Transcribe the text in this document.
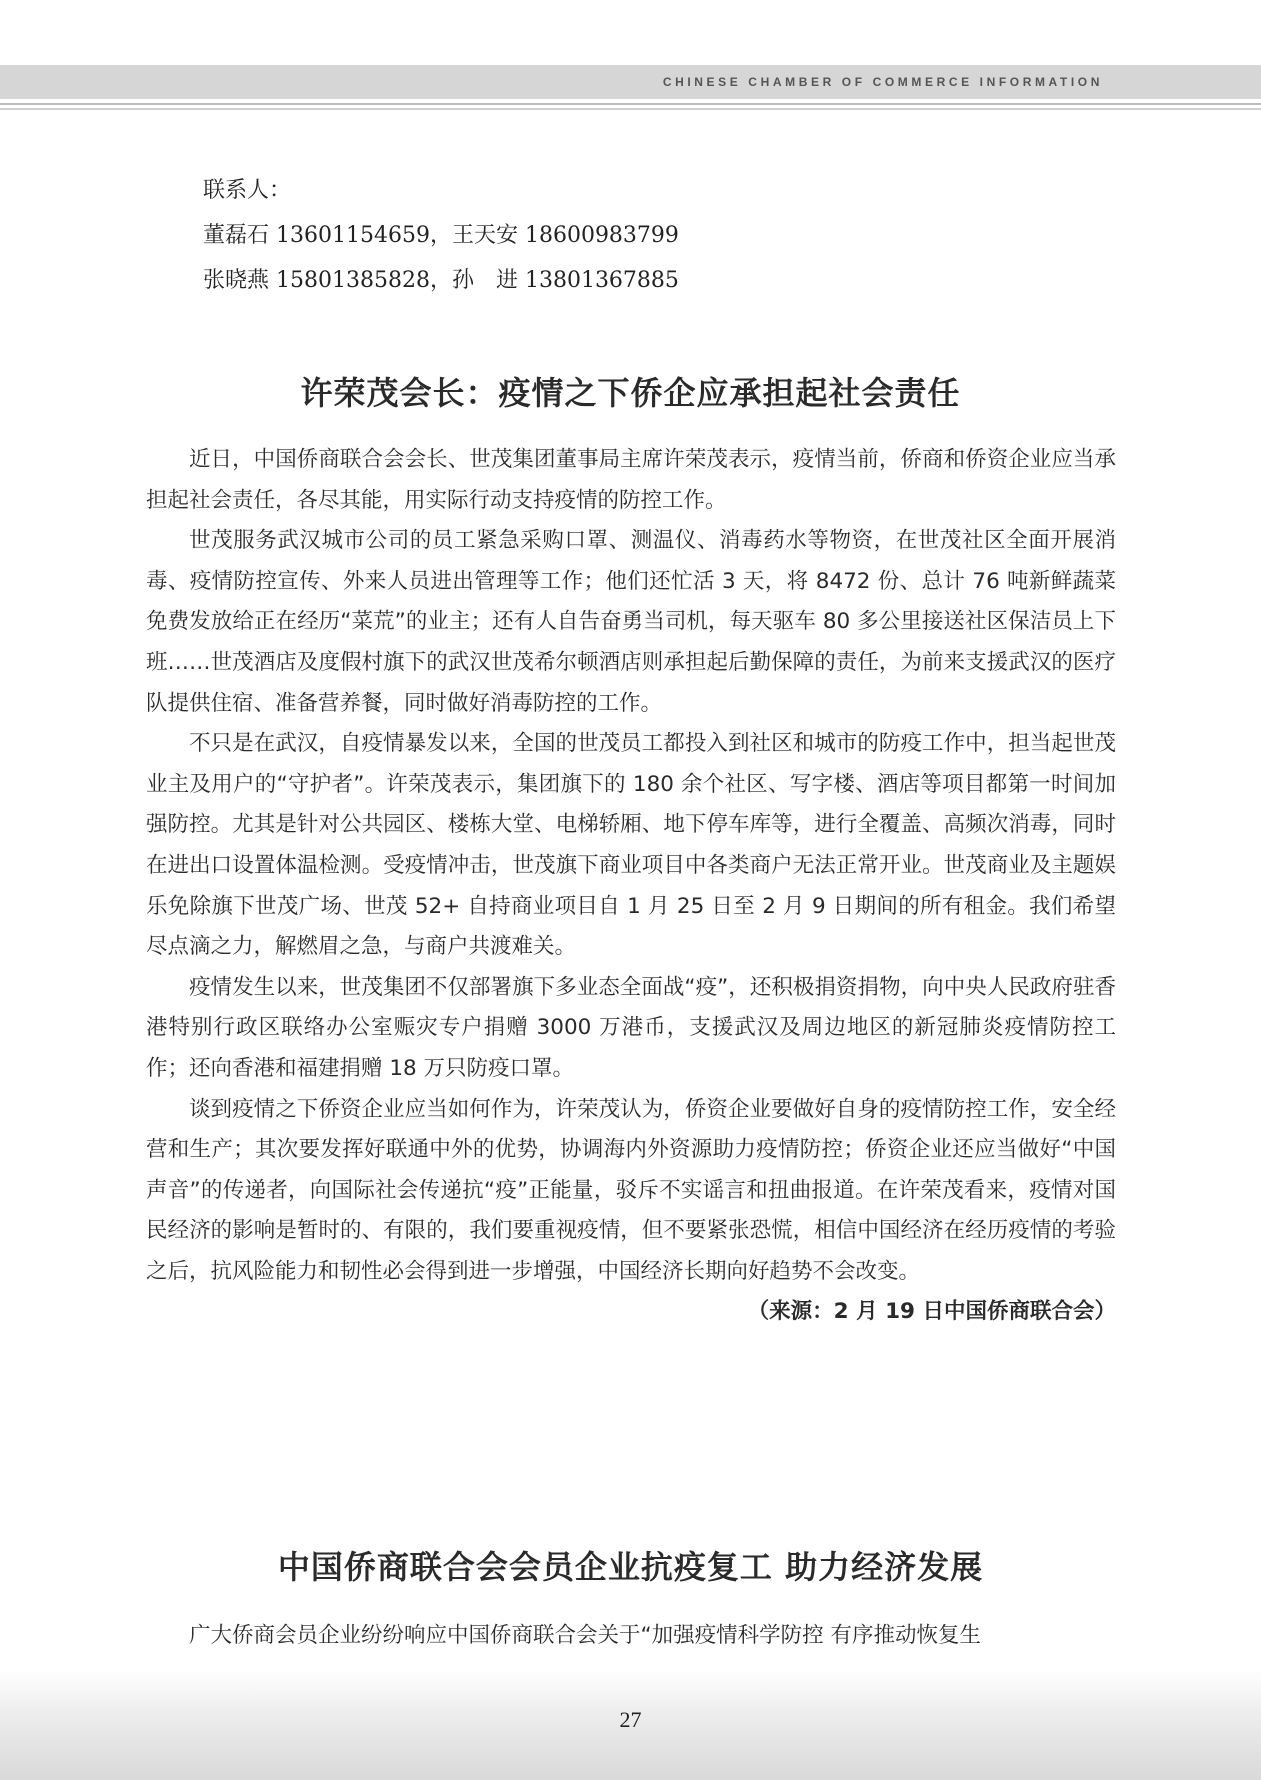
CHINESE CHAMBER OF COMMERCE INFORMATION
联系人：
董磊石 13601154659，王天安 18600983799
张晓燕 15801385828，孙　进 13801367885
许荣茂会长：疫情之下侨企应承担起社会责任

近日，中国侨商联合会会长、世茂集团董事局主席许荣茂表示，疫情当前，侨商和侨资企业应当承担起社会责任，各尽其能，用实际行动支持疫情的防控工作。

世茂服务武汉城市公司的员工紧急采购口罩、测温仪、消毒药水等物资，在世茂社区全面开展消毒、疫情防控宣传、外来人员进出管理等工作；他们还忙活 3 天，将 8472 份、总计 76 吨新鲜蔬菜免费发放给正在经历“菜荒”的业主；还有人自告奋勇当司机，每天驱车 80 多公里接送社区保洁员上下班……世茂酒店及度假村旗下的武汉世茂希尔顿酒店则承担起后勤保障的责任，为前来支援武汉的医疗队提供住宿、准备营养餐，同时做好消毒防控的工作。

不只是在武汉，自疫情暴发以来，全国的世茂员工都投入到社区和城市的防疫工作中，担当起世茂业主及用户的“守护者”。许荣茂表示，集团旗下的 180 余个社区、写字楼、酒店等项目都第一时间加强防控。尤其是针对公共园区、楼栋大堂、电梯轿厢、地下停车库等，进行全覆盖、高频次消毒，同时在进出口设置体温检测。受疫情冲击，世茂旗下商业项目中各类商户无法正常开业。世茂商业及主题娱乐免除旗下世茂广场、世茂 52+ 自持商业项目自 1 月 25 日至 2 月 9 日期间的所有租金。我们希望尽点滴之力，解燃眉之急，与商户共渡难关。

疫情发生以来，世茂集团不仅部署旗下多业态全面战“疫”，还积极捐资捐物，向中央人民政府驻香港特别行政区联络办公室赈灾专户捐赠 3000 万港币，支援武汉及周边地区的新冠肺炎疫情防控工作；还向香港和福建捐赠 18 万只防疫口罩。

谈到疫情之下侨资企业应当如何作为，许荣茂认为，侨资企业要做好自身的疫情防控工作，安全经营和生产；其次要发挥好联通中外的优势，协调海内外资源助力疫情防控；侨资企业还应当做好“中国声音”的传递者，向国际社会传递抗“疫”正能量，驳斥不实谣言和扭曲报道。在许荣茂看来，疫情对国民经济的影响是暂时的、有限的，我们要重视疫情，但不要紧张恐慌，相信中国经济在经历疫情的考验之后，抗风险能力和韧性必会得到进一步增强，中国经济长期向好趋势不会改变。
（来源：2 月 19 日中国侨商联合会）

中国侨商联合会会员企业抗疫复工 助力经济发展

广大侨商会员企业纷纷响应中国侨商联合会关于“加强疫情科学防控 有序推动恢复生

27
